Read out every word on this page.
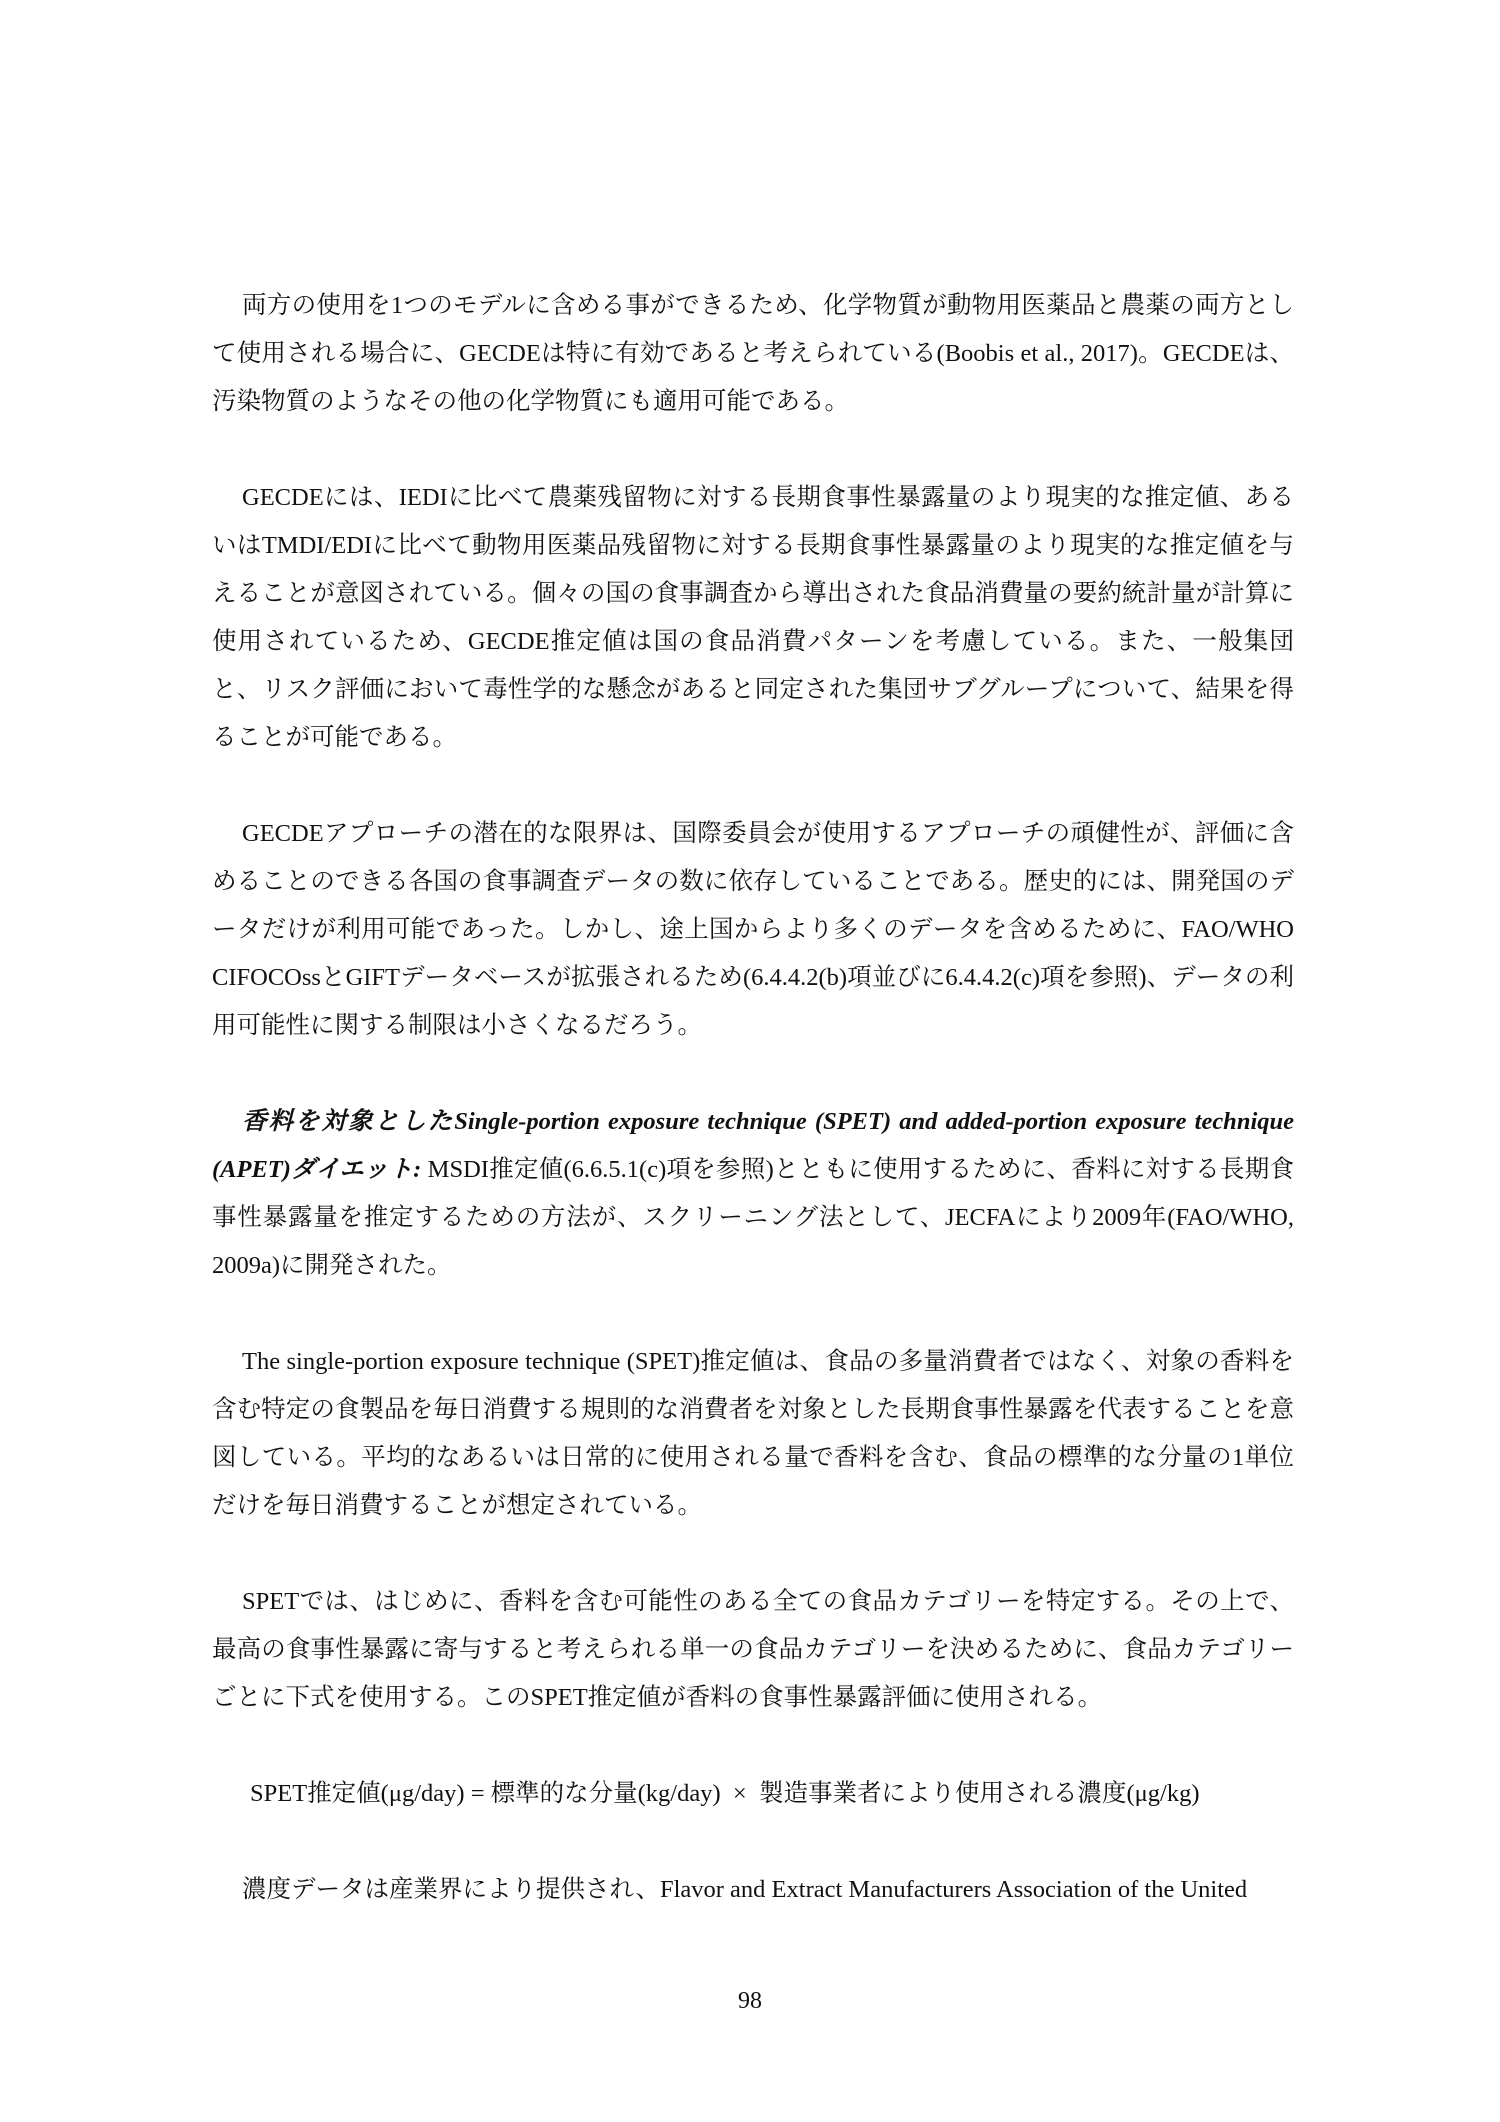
両方の使用を1つのモデルに含める事ができるため、化学物質が動物用医薬品と農薬の両方として使用される場合に、GECDEは特に有効であると考えられている(Boobis et al., 2017)。GECDEは、汚染物質のようなその他の化学物質にも適用可能である。

GECDEには、IEDIに比べて農薬残留物に対する長期食事性暴露量のより現実的な推定値、あるいはTMDI/EDIに比べて動物用医薬品残留物に対する長期食事性暴露量のより現実的な推定値を与えることが意図されている。個々の国の食事調査から導出された食品消費量の要約統計量が計算に使用されているため、GECDE推定値は国の食品消費パターンを考慮している。また、一般集団と、リスク評価において毒性学的な懸念があると同定された集団サブグループについて、結果を得ることが可能である。

GECDEアプローチの潜在的な限界は、国際委員会が使用するアプローチの頑健性が、評価に含めることのできる各国の食事調査データの数に依存していることである。歴史的には、開発国のデータだけが利用可能であった。しかし、途上国からより多くのデータを含めるために、FAO/WHO CIFOCOssとGIFTデータベースが拡張されるため(6.4.4.2(b)項並びに6.4.4.2(c)項を参照)、データの利用可能性に関する制限は小さくなるだろう。

香料を対象としたSingle-portion exposure technique (SPET) and added-portion exposure technique (APET)ダイエット: MSDI推定値(6.6.5.1(c)項を参照)とともに使用するために、香料に対する長期食事性暴露量を推定するための方法が、スクリーニング法として、JECFAにより2009年(FAO/WHO, 2009a)に開発された。

The single-portion exposure technique (SPET)推定値は、食品の多量消費者ではなく、対象の香料を含む特定の食製品を毎日消費する規則的な消費者を対象とした長期食事性暴露を代表することを意図している。平均的なあるいは日常的に使用される量で香料を含む、食品の標準的な分量の1単位だけを毎日消費することが想定されている。

SPETでは、はじめに、香料を含む可能性のある全ての食品カテゴリーを特定する。その上で、最高の食事性暴露に寄与すると考えられる単一の食品カテゴリーを決めるために、食品カテゴリーごとに下式を使用する。このSPET推定値が香料の食事性暴露評価に使用される。

SPET推定値(μg/day) = 標準的な分量(kg/day) × 製造事業者により使用される濃度(μg/kg)

濃度データは産業界により提供され、Flavor and Extract Manufacturers Association of the United

98
